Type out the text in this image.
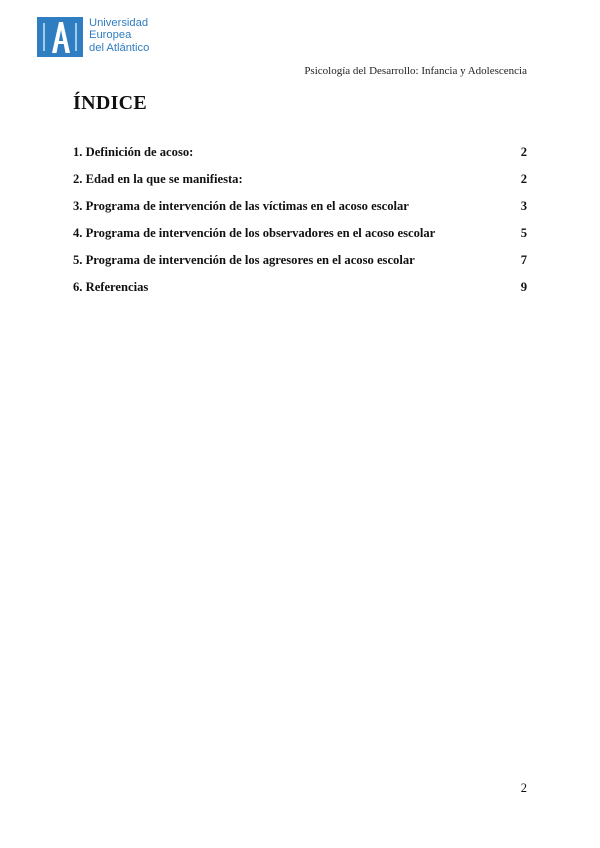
Universidad
Europea
del Atlántico
Psicología del Desarrollo: Infancia y Adolescencia
ÍNDICE
1. Definición de acoso:	2
2. Edad en la que se manifiesta:	2
3. Programa de intervención de las víctimas en el acoso escolar	3
4. Programa de intervención de los observadores en el acoso escolar	5
5. Programa de intervención de los agresores en el acoso escolar	7
6. Referencias	9
2
